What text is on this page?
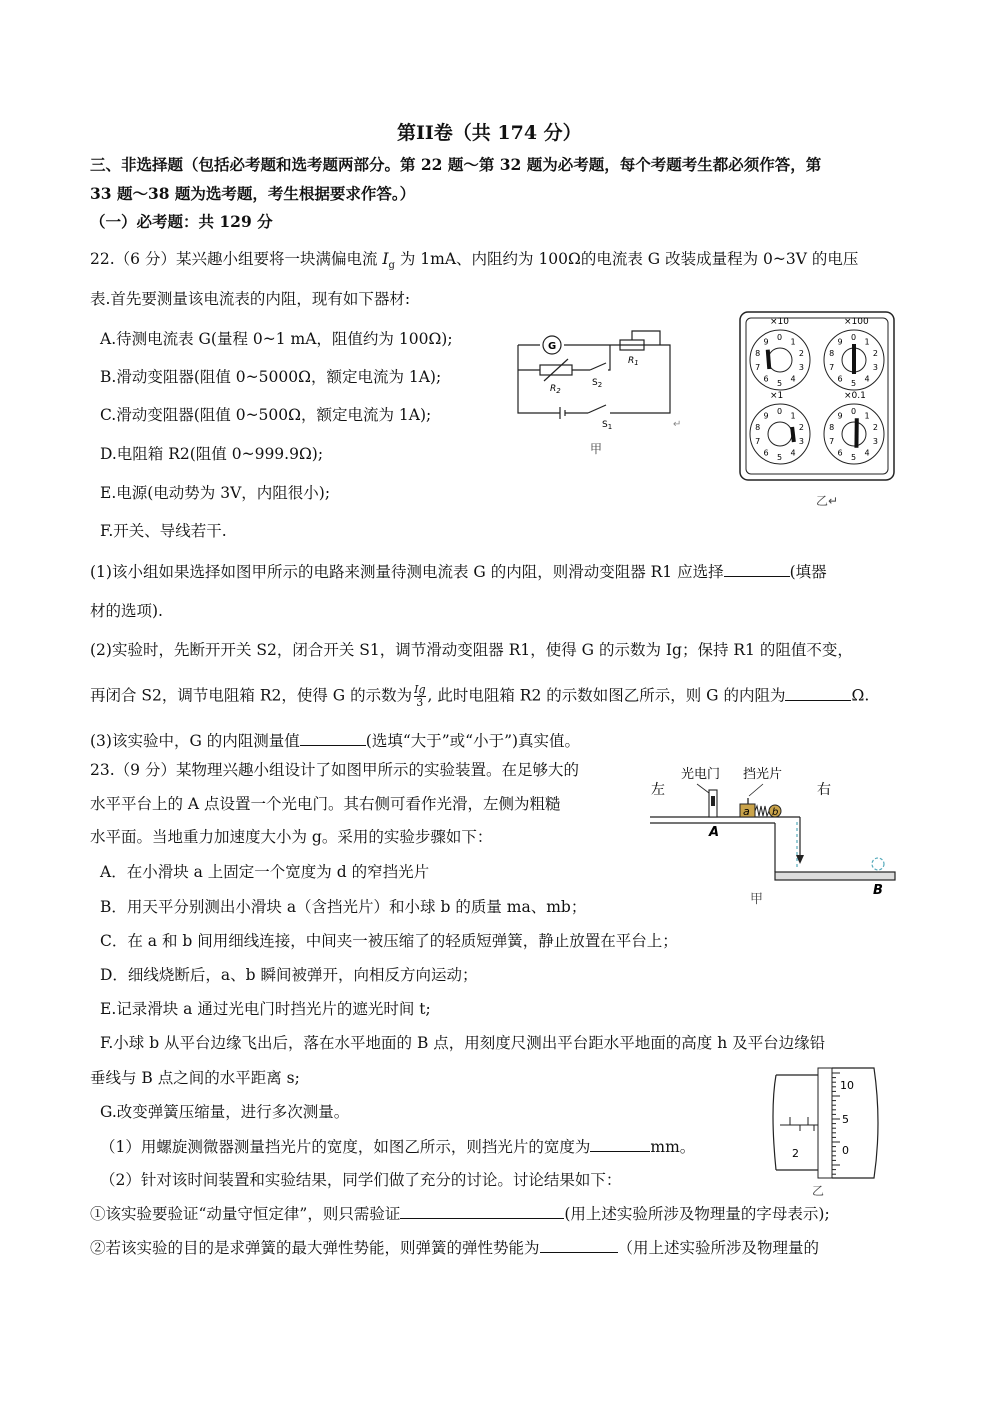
第II卷（共 174 分）
三、非选择题（包括必考题和选考题两部分。第 22 题～第 32 题为必考题，每个考题考生都必须作答，第
33 题～38 题为选考题，考生根据要求作答。）
（一）必考题：共 129 分
22.（6 分）某兴趣小组要将一块满偏电流 $I_g$ 为 1mA、内阻约为 100Ω的电流表 G 改装成量程为 0~3V 的电压
表.首先要测量该电流表的内阻，现有如下器材:
A.待测电流表 G(量程 0~1 mA，阻值约为 100Ω);
B.滑动变阻器(阻值 0~5000Ω，额定电流为 1A);
C.滑动变阻器(阻值 0~500Ω，额定电流为 1A);
D.电阻箱 R2(阻值 0~999.9Ω);
E.电源(电动势为 3V，内阻很小);
F.开关、导线若干.
G
$R_1$
$R_2$
$S_2$
$S_1$	↵
甲
×10
0 1
2
3
4
5
6
7
8
9
×100
0 1
2
3
4
5
6
7
8
9
×1
0 1
2
3
4
5
6
7
8
9
×0.1
0 1
2
3
4
5
6
7
8
9
乙↵
(1)该小组如果选择如图甲所示的电路来测量待测电流表 G 的内阻，则滑动变阻器 R1 应选择	(填器
材的选项).
(2)实验时，先断开开关 S2，闭合开关 S1，调节滑动变阻器 R1，使得 G 的示数为 Ig；保持 R1 的阻值不变，
再闭合 S2，调节电阻箱 R2，使得 G 的示数为 $\frac{Ig}{3}$ , 此时电阻箱 R2 的示数如图乙所示，则 G 的内阻为	Ω.
(3)该实验中，G 的内阻测量值	(选填“大于”或“小于”)真实值。
23.（9 分）某物理兴趣小组设计了如图甲所示的实验装置。在足够大的
水平平台上的 A 点设置一个光电门。其右侧可看作光滑，左侧为粗糙
水平面。当地重力加速度大小为 g。采用的实验步骤如下：
A．在小滑块 a 上固定一个宽度为 d 的窄挡光片
B．用天平分别测出小滑块 a（含挡光片）和小球 b 的质量 ma、mb；
C．在 a 和 b 间用细线连接，中间夹一被压缩了的轻质短弹簧，静止放置在平台上；
D．细线烧断后，a、b 瞬间被弹开，向相反方向运动；
E.记录滑块 a 通过光电门时挡光片的遮光时间 t;
F.小球 b 从平台边缘飞出后，落在水平地面的 B 点，用刻度尺测出平台距水平地面的高度 h 及平台边缘铅
垂线与 B 点之间的水平距离 s;
G.改变弹簧压缩量，进行多次测量。
（1）用螺旋测微器测量挡光片的宽度，如图乙所示，则挡光片的宽度为	mm。
（2）针对该时间装置和实验结果，同学们做了充分的讨论。讨论结果如下：
①该实验要验证“动量守恒定律”，则只需验证	(用上述实验所涉及物理量的字母表示);
②若该实验的目的是求弹簧的最大弹性势能，则弹簧的弹性势能为	（用上述实验所涉及物理量的
左	右
光电门 挡光片
a b
A
B
甲
2
10
5
0
乙
